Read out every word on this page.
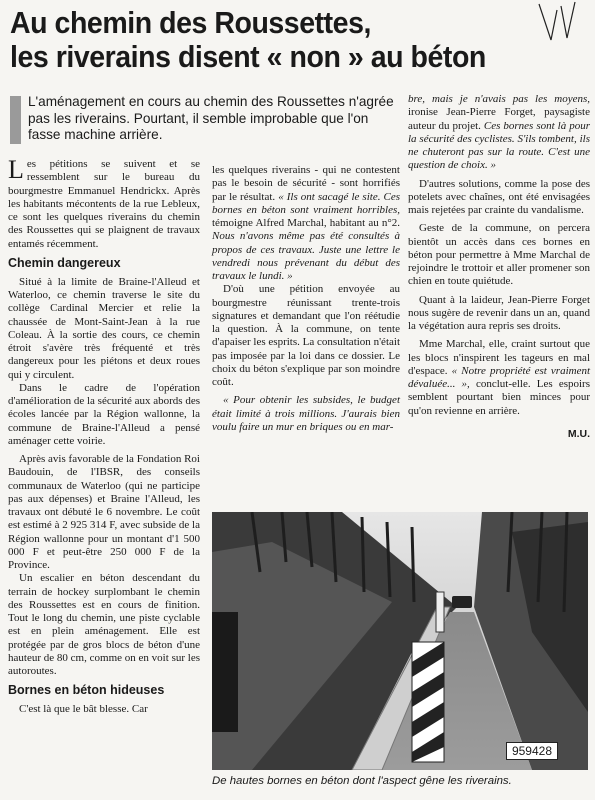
Au chemin des Roussettes,
les riverains disent « non » au béton
L'aménagement en cours au chemin des Roussettes n'agrée pas les riverains. Pourtant, il semble improbable que l'on fasse machine arrière.

Les pétitions se suivent et se ressemblent sur le bureau du bourgmestre Emmanuel Hendrickx. Après les habitants mécontents de la rue Lebleux, ce sont les quelques riverains du chemin des Roussettes qui se plaignent de travaux entamés récemment.

Chemin dangereux

Situé à la limite de Braine-l'Alleud et Waterloo, ce chemin traverse le site du collège Cardinal Mercier et relie la chaussée de Mont-Saint-Jean à la rue Coleau. À la sortie des cours, ce chemin étroit s'avère très fréquenté et très dangereux pour les piétons et deux roues qui y circulent.

Dans le cadre de l'opération d'amélioration de la sécurité aux abords des écoles lancée par la Région wallonne, la commune de Braine-l'Alleud a pensé aménager cette voirie.

Après avis favorable de la Fondation Roi Baudouin, de l'IBSR, des conseils communaux de Waterloo (qui ne participe pas aux dépenses) et Braine l'Alleud, les travaux ont débuté le 6 novembre. Le coût est estimé à 2 925 314 F, avec subside de la Région wallonne pour un montant d'1 500 000 F et peut-être 250 000 F de la Province.

Un escalier en béton descendant du terrain de hockey surplombant le chemin des Roussettes est en cours de finition. Tout le long du chemin, une piste cyclable est en plein aménagement. Elle est protégée par de gros blocs de béton d'une hauteur de 80 cm, comme on en voit sur les autoroutes.

Bornes en béton hideuses

C'est là que le bât blesse. Car

les quelques riverains - qui ne contestent pas le besoin de sécurité - sont horrifiés par le résultat. « Ils ont sacagé le site. Ces bornes en béton sont vraiment horribles, témoigne Alfred Marchal, habitant au n°2. Nous n'avons même pas été consultés à propos de ces travaux. Juste une lettre le vendredi nous prévenant du début des travaux le lundi. »

D'où une pétition envoyée au bourgmestre réunissant trente-trois signatures et demandant que l'on réétudie la question. À la commune, on tente d'apaiser les esprits. La consultation n'était pas imposée par la loi dans ce dossier. Le choix du béton s'explique par son moindre coût.

« Pour obtenir les subsides, le budget était limité à trois millions. J'aurais bien voulu faire un mur en briques ou en mar-

bre, mais je n'avais pas les moyens, ironise Jean-Pierre Forget, paysagiste auteur du projet. Ces bornes sont là pour la sécurité des cyclistes. S'ils tombent, ils ne chuteront pas sur la route. C'est une question de choix. »

D'autres solutions, comme la pose des potelets avec chaînes, ont été envisagées mais rejetées par crainte du vandalisme.

Geste de la commune, on percera bientôt un accès dans ces bornes en béton pour permettre à Mme Marchal de rejoindre le trottoir et aller promener son chien en toute quiétude.

Quant à la laideur, Jean-Pierre Forget nous sugère de revenir dans un an, quand la végétation aura repris ses droits.

Mme Marchal, elle, craint surtout que les blocs n'inspirent les tageurs en mal d'espace. « Notre propriété est vraiment dévaluée... », conclut-elle. Les espoirs semblent pourtant bien minces pour qu'on revienne en arrière.

M.U.
959428
De hautes bornes en béton dont l'aspect gêne les riverains.
